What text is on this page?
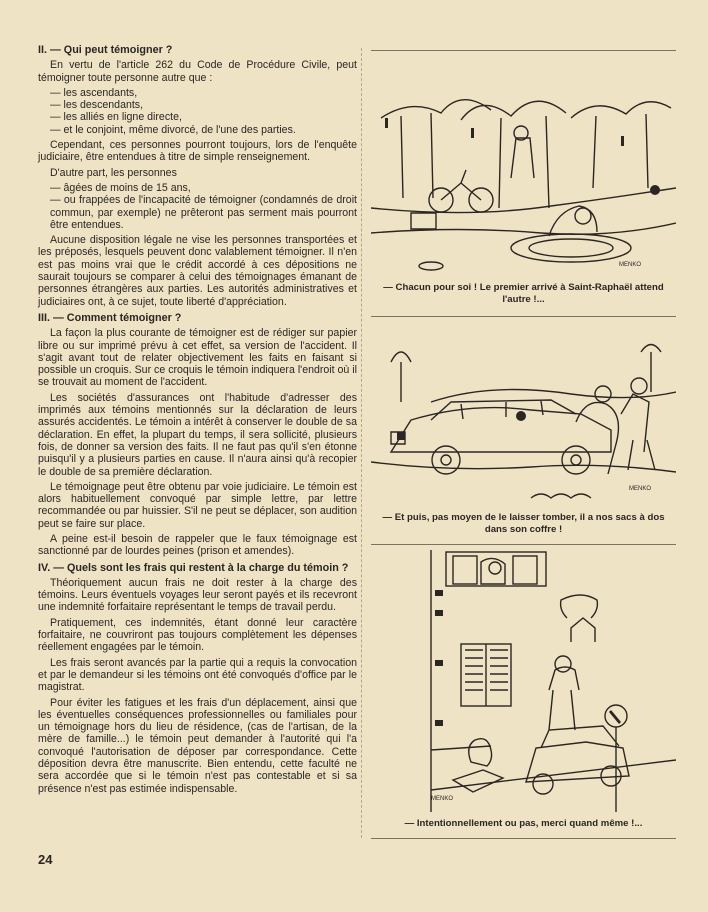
II. — Qui peut témoigner ?

En vertu de l'article 262 du Code de Procédure Civile, peut témoigner toute personne autre que :

— les ascendants,

— les descendants,

— les alliés en ligne directe,

— et le conjoint, même divorcé, de l'une des parties.

Cependant, ces personnes pourront toujours, lors de l'enquête judiciaire, être entendues à titre de simple renseignement.

D'autre part, les personnes

— âgées de moins de 15 ans,

— ou frappées de l'incapacité de témoigner (condamnés de droit commun, par exemple) ne prêteront pas serment mais pourront être entendues.

Aucune disposition légale ne vise les personnes transportées et les préposés, lesquels peuvent donc valablement témoigner. Il n'en est pas moins vrai que le crédit accordé à ces dépositions ne saurait toujours se comparer à celui des témoignages émanant de personnes étrangères aux parties. Les autorités administratives et judiciaires ont, à ce sujet, toute liberté d'appréciation.

III. — Comment témoigner ?

La façon la plus courante de témoigner est de rédiger sur papier libre ou sur imprimé prévu à cet effet, sa version de l'accident. Il s'agit avant tout de relater objectivement les faits en faisant si possible un croquis. Sur ce croquis le témoin indiquera l'endroit où il se trouvait au moment de l'accident.

Les sociétés d'assurances ont l'habitude d'adresser des imprimés aux témoins mentionnés sur la déclaration de leurs assurés accidentés. Le témoin a intérêt à conserver le double de sa déclaration. En effet, la plupart du temps, il sera sollicité, plusieurs fois, de donner sa version des faits. Il ne faut pas qu'il s'en étonne puisqu'il y a plusieurs parties en cause. Il n'aura ainsi qu'à recopier le double de sa première déclaration.

Le témoignage peut être obtenu par voie judiciaire. Le témoin est alors habituellement convoqué par simple lettre, par lettre recommandée ou par huissier. S'il ne peut se déplacer, son audition peut se faire sur place.

A peine est-il besoin de rappeler que le faux témoignage est sanctionné par de lourdes peines (prison et amendes).

IV. — Quels sont les frais qui restent à la charge du témoin ?

Théoriquement aucun frais ne doit rester à la charge des témoins. Leurs éventuels voyages leur seront payés et ils recevront une indemnité forfaitaire représentant le temps de travail perdu.

Pratiquement, ces indemnités, étant donné leur caractère forfaitaire, ne couvriront pas toujours complètement les dépenses réellement engagées par le témoin.

Les frais seront avancés par la partie qui a requis la convocation et par le demandeur si les témoins ont été convoqués d'office par le magistrat.

Pour éviter les fatigues et les frais d'un déplacement, ainsi que les éventuelles conséquences professionnelles ou familiales pour un témoignage hors du lieu de résidence, (cas de l'artisan, de la mère de famille...) le témoin peut demander à l'autorité qui l'a convoqué l'autorisation de déposer par correspondance. Cette déposition devra être manuscrite. Bien entendu, cette faculté ne sera accordée que si le témoin n'est pas contestable et si sa présence n'est pas estimée indispensable.

MENKO
— Chacun pour soi ! Le premier arrivé à Saint-Raphaël attend l'autre !...
MENKO
— Et puis, pas moyen de le laisser tomber, il a nos sacs à dos dans son coffre !
MENKO
— Intentionnellement ou pas, merci quand même !...
24
